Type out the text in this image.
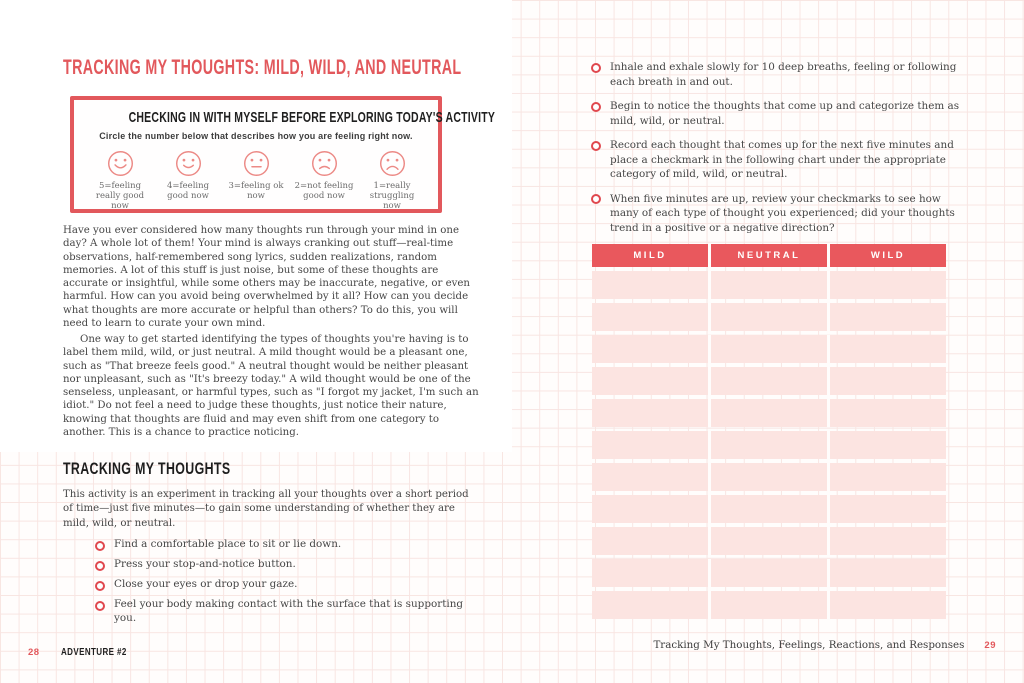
TRACKING MY THOUGHTS: MILD, WILD, AND NEUTRAL
CHECKING IN WITH MYSELF BEFORE EXPLORING TODAY'S ACTIVITY
Circle the number below that describes how you are feeling right now.
5=feeling really good now
4=feeling good now
3=feeling ok now
2=not feeling good now
1=really struggling now
Have you ever considered how many thoughts run through your mind in one day? A whole lot of them! Your mind is always cranking out stuff—real-time observations, half-remembered song lyrics, sudden realizations, random memories. A lot of this stuff is just noise, but some of these thoughts are accurate or insightful, while some others may be inaccurate, negative, or even harmful. How can you avoid being overwhelmed by it all? How can you decide what thoughts are more accurate or helpful than others? To do this, you will need to learn to curate your own mind.
One way to get started identifying the types of thoughts you're having is to label them mild, wild, or just neutral. A mild thought would be a pleasant one, such as "That breeze feels good." A neutral thought would be neither pleasant nor unpleasant, such as "It's breezy today." A wild thought would be one of the senseless, unpleasant, or harmful types, such as "I forgot my jacket, I'm such an idiot." Do not feel a need to judge these thoughts, just notice their nature, knowing that thoughts are fluid and may even shift from one category to another. This is a chance to practice noticing.
TRACKING MY THOUGHTS
This activity is an experiment in tracking all your thoughts over a short period of time—just five minutes—to gain some understanding of whether they are mild, wild, or neutral.
Find a comfortable place to sit or lie down.
Press your stop-and-notice button.
Close your eyes or drop your gaze.
Feel your body making contact with the surface that is supporting you.
28 ADVENTURE #2
Inhale and exhale slowly for 10 deep breaths, feeling or following each breath in and out.
Begin to notice the thoughts that come up and categorize them as mild, wild, or neutral.
Record each thought that comes up for the next five minutes and place a checkmark in the following chart under the appropriate category of mild, wild, or neutral.
When five minutes are up, review your checkmarks to see how many of each type of thought you experienced; did your thoughts trend in a positive or a negative direction?
MILD	NEUTRAL	WILD
Tracking My Thoughts, Feelings, Reactions, and Responses 29
